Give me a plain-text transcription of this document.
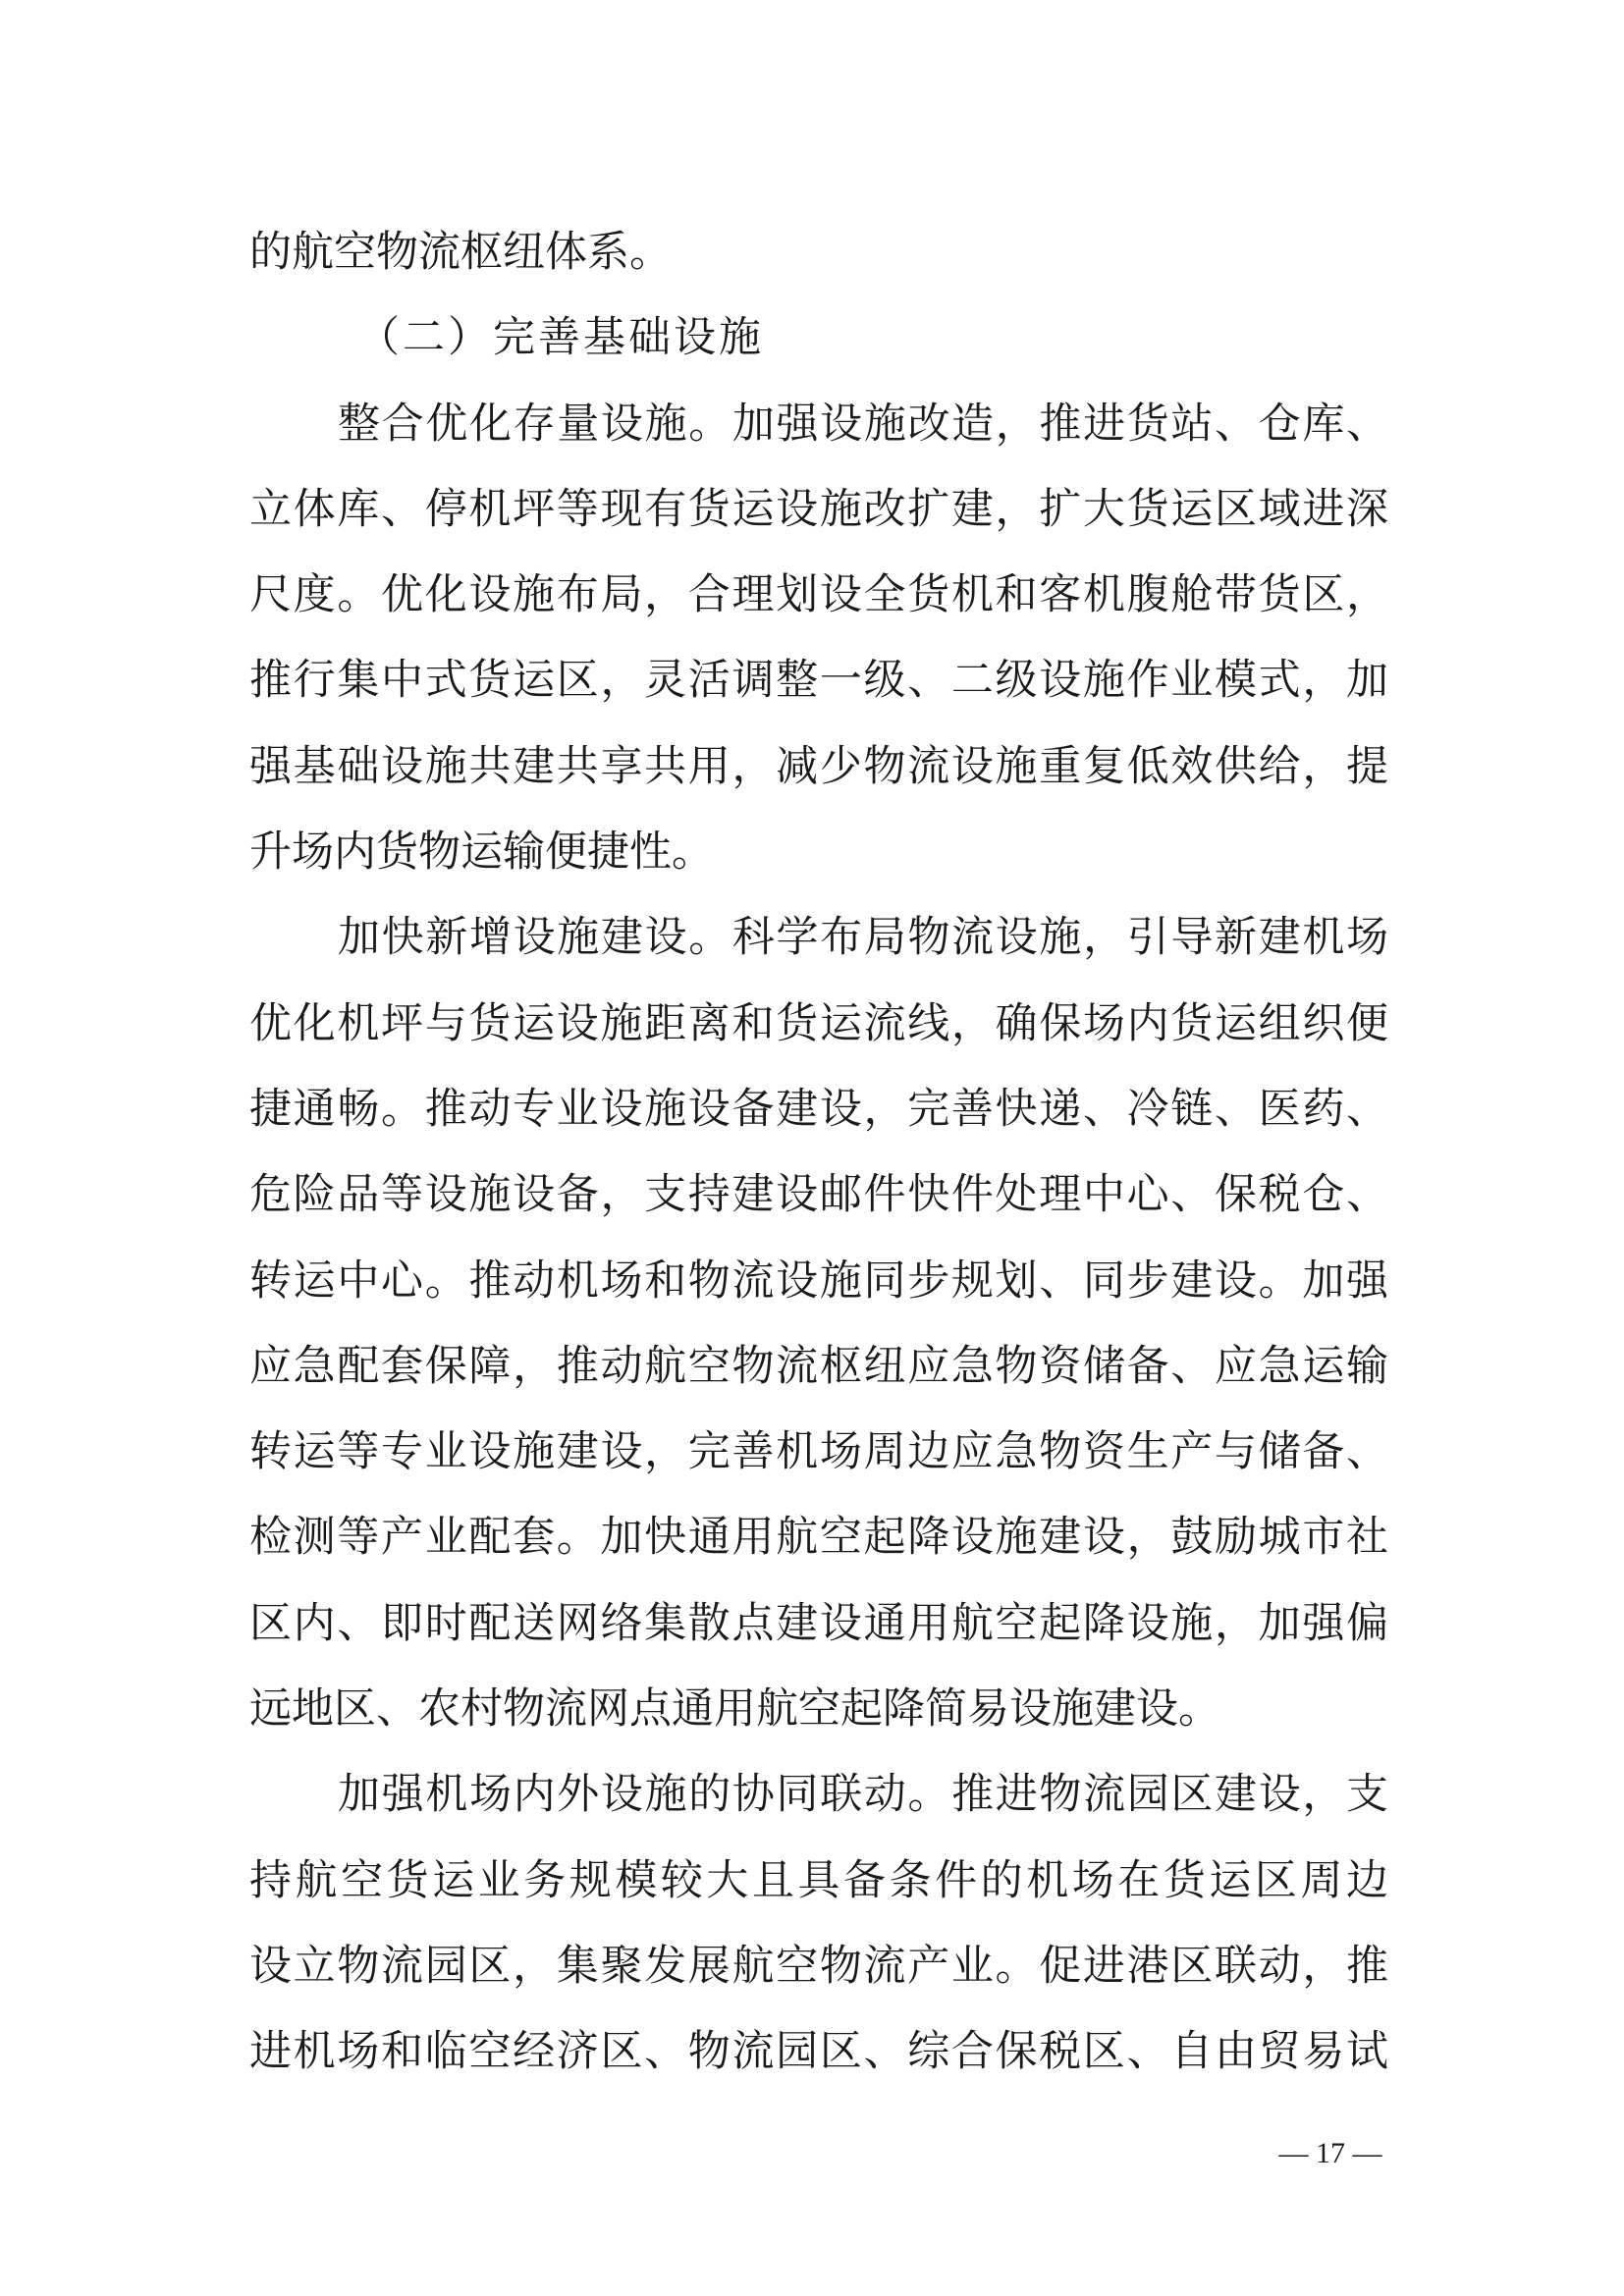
的航空物流枢纽体系。
（二）完善基础设施
整合优化存量设施。加强设施改造，推进货站、仓库、
立体库、停机坪等现有货运设施改扩建，扩大货运区域进深
尺度。优化设施布局，合理划设全货机和客机腹舱带货区，
推行集中式货运区，灵活调整一级、二级设施作业模式，加
强基础设施共建共享共用，减少物流设施重复低效供给，提
升场内货物运输便捷性。
加快新增设施建设。科学布局物流设施，引导新建机场
优化机坪与货运设施距离和货运流线，确保场内货运组织便
捷通畅。推动专业设施设备建设，完善快递、冷链、医药、
危险品等设施设备，支持建设邮件快件处理中心、保税仓、
转运中心。推动机场和物流设施同步规划、同步建设。加强
应急配套保障，推动航空物流枢纽应急物资储备、应急运输
转运等专业设施建设，完善机场周边应急物资生产与储备、
检测等产业配套。加快通用航空起降设施建设，鼓励城市社
区内、即时配送网络集散点建设通用航空起降设施，加强偏
远地区、农村物流网点通用航空起降简易设施建设。
加强机场内外设施的协同联动。推进物流园区建设，支
持航空货运业务规模较大且具备条件的机场在货运区周边
设立物流园区，集聚发展航空物流产业。促进港区联动，推
进机场和临空经济区、物流园区、综合保税区、自由贸易试
— 17 —
